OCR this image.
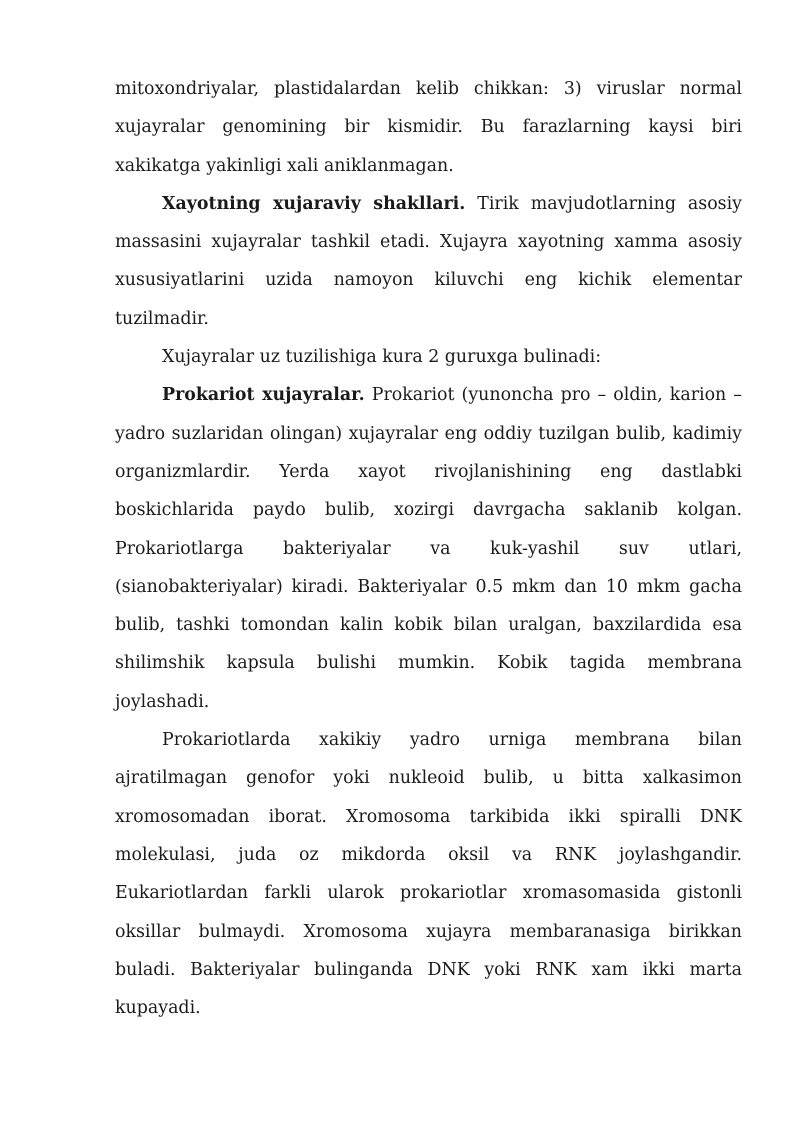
mitoxondriyalar, plastidalardan kelib chikkan: 3) viruslar normal xujayralar genomining bir kismidir. Bu farazlarning kaysi biri xakikatga yakinligi xali aniklanmagan.

Xayotning xujaraviy shakllari. Tirik mavjudotlarning asosiy massasini xujayralar tashkil etadi. Xujayra xayotning xamma asosiy xususiyatlarini uzida namoyon kiluvchi eng kichik elementar tuzilmadir.

Xujayralar uz tuzilishiga kura 2 guruxga bulinadi:

Prokariot xujayralar. Prokariot (yunoncha pro – oldin, karion – yadro suzlaridan olingan) xujayralar eng oddiy tuzilgan bulib, kadimiy organizmlardir. Yerda xayot rivojlanishining eng dastlabki boskichlarida paydo bulib, xozirgi davrgacha saklanib kolgan. Prokariotlarga bakteriyalar va kuk-yashil suv utlari, (sianobakteriyalar) kiradi. Bakteriyalar 0.5 mkm dan 10 mkm gacha bulib, tashki tomondan kalin kobik bilan uralgan, baxzilardida esa shilimshik kapsula bulishi mumkin. Kobik tagida membrana joylashadi.

Prokariotlarda xakikiy yadro urniga membrana bilan ajratilmagan genofor yoki nukleoid bulib, u bitta xalkasimon xromosomadan iborat. Xromosoma tarkibida ikki spiralli DNK molekulasi, juda oz mikdorda oksil va RNK joylashgandir. Eukariotlardan farkli ularok prokariotlar xromasomasida gistonli oksillar bulmaydi. Xromosoma xujayra membaranasiga birikkan buladi. Bakteriyalar bulinganda DNK yoki RNK xam ikki marta kupayadi.
